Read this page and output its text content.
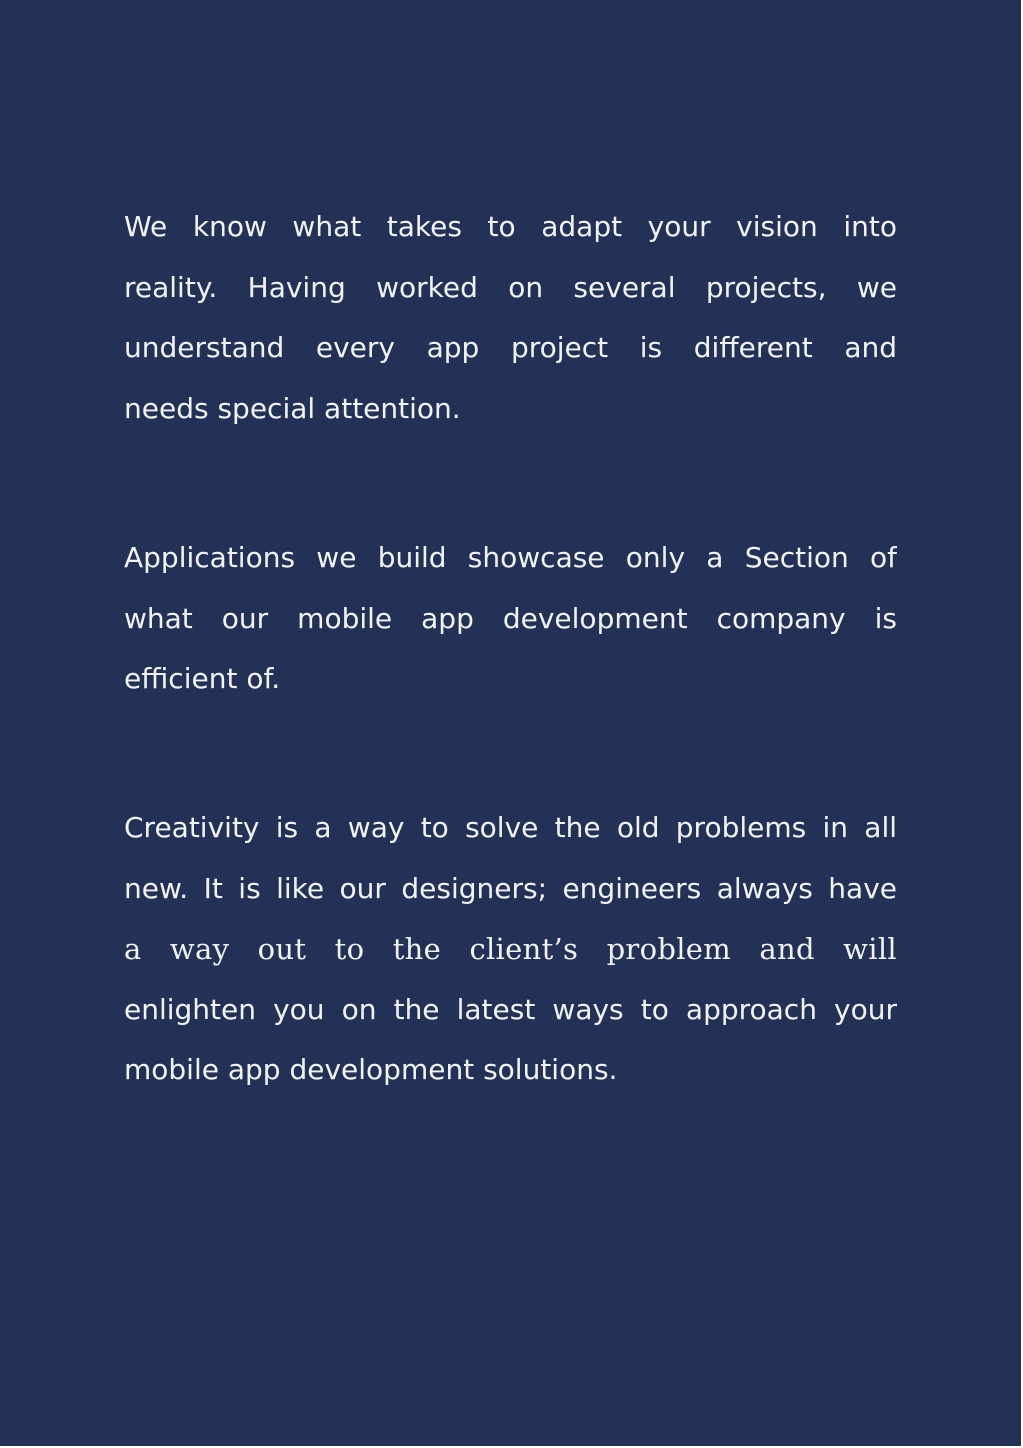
We know what takes to adapt your vision into
reality. Having worked on several projects, we
understand every app project is different and
needs special attention.

Applications we build showcase only a Section of
what our mobile app development company is
efficient of.

Creativity is a way to solve the old problems in all
new. It is like our designers; engineers always have
a way out to the client’s problem and will
enlighten you on the latest ways to approach your
mobile app development solutions.
